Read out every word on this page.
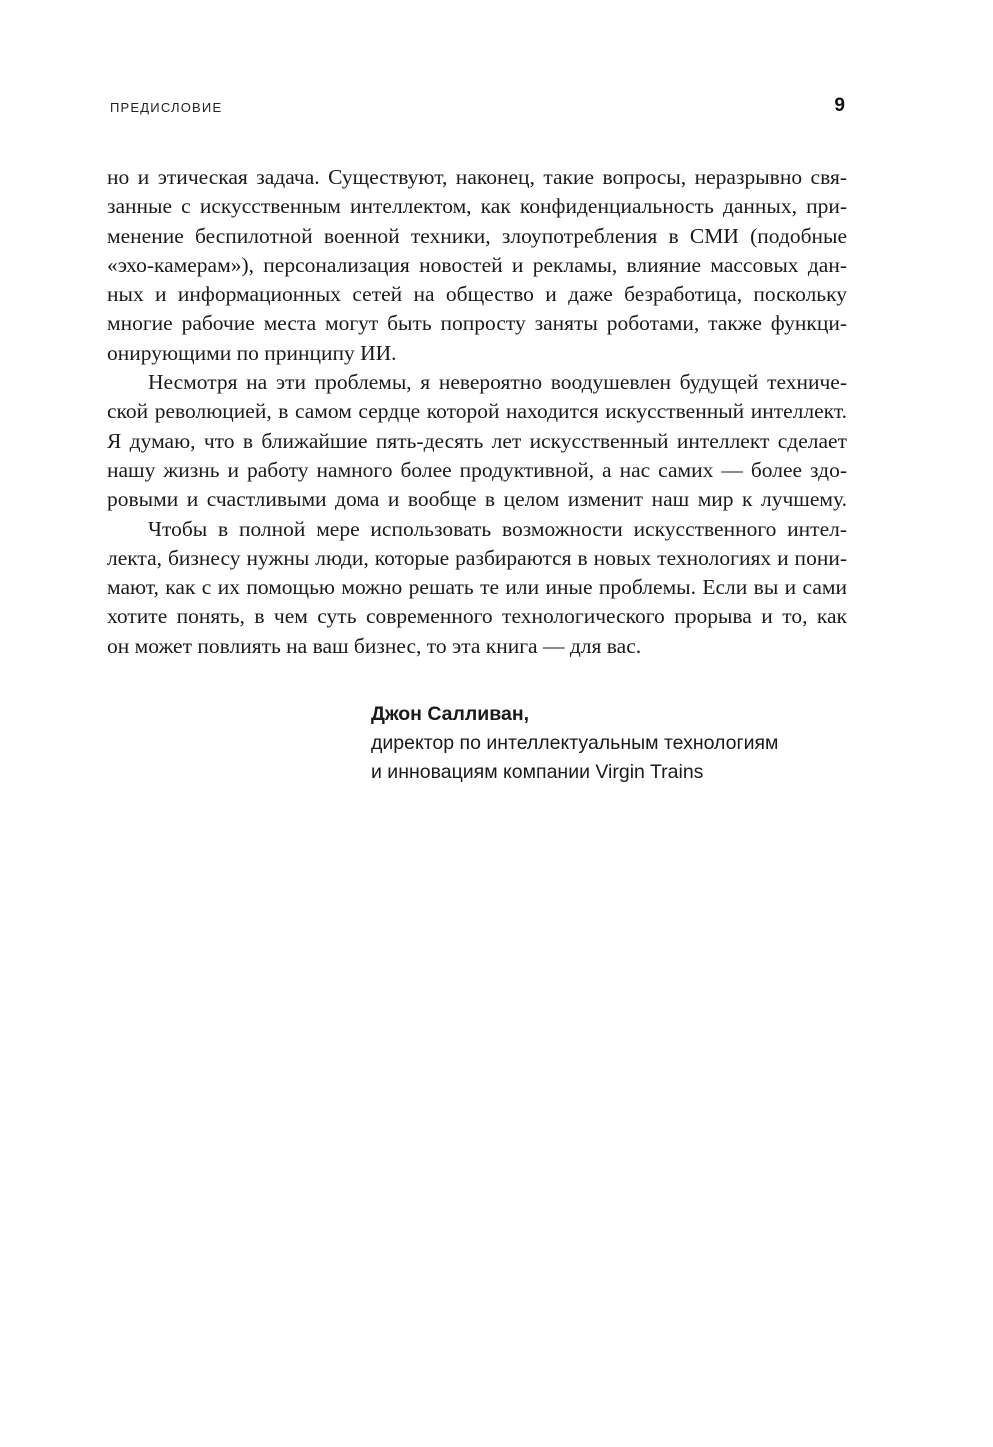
ПРЕДИСЛОВИЕ	9
но и этическая задача. Существуют, наконец, такие вопросы, неразрывно свя-
занные с искусственным интеллектом, как конфиденциальность данных, при-
менение беспилотной военной техники, злоупотребления в СМИ (подобные
«эхо-камерам»), персонализация новостей и рекламы, влияние массовых дан-
ных и информационных сетей на общество и даже безработица, поскольку
многие рабочие места могут быть попросту заняты роботами, также функци-
онирующими по принципу ИИ.
Несмотря на эти проблемы, я невероятно воодушевлен будущей техниче-
ской революцией, в самом сердце которой находится искусственный интеллект.
Я думаю, что в ближайшие пять-десять лет искусственный интеллект сделает
нашу жизнь и работу намного более продуктивной, а нас самих — более здо-
ровыми и счастливыми дома и вообще в целом изменит наш мир к лучшему.
Чтобы в полной мере использовать возможности искусственного интел-
лекта, бизнесу нужны люди, которые разбираются в новых технологиях и пони-
мают, как с их помощью можно решать те или иные проблемы. Если вы и сами
хотите понять, в чем суть современного технологического прорыва и то, как
он может повлиять на ваш бизнес, то эта книга — для вас.
Джон Салливан,
директор по интеллектуальным технологиям
и инновациям компании Virgin Trains
